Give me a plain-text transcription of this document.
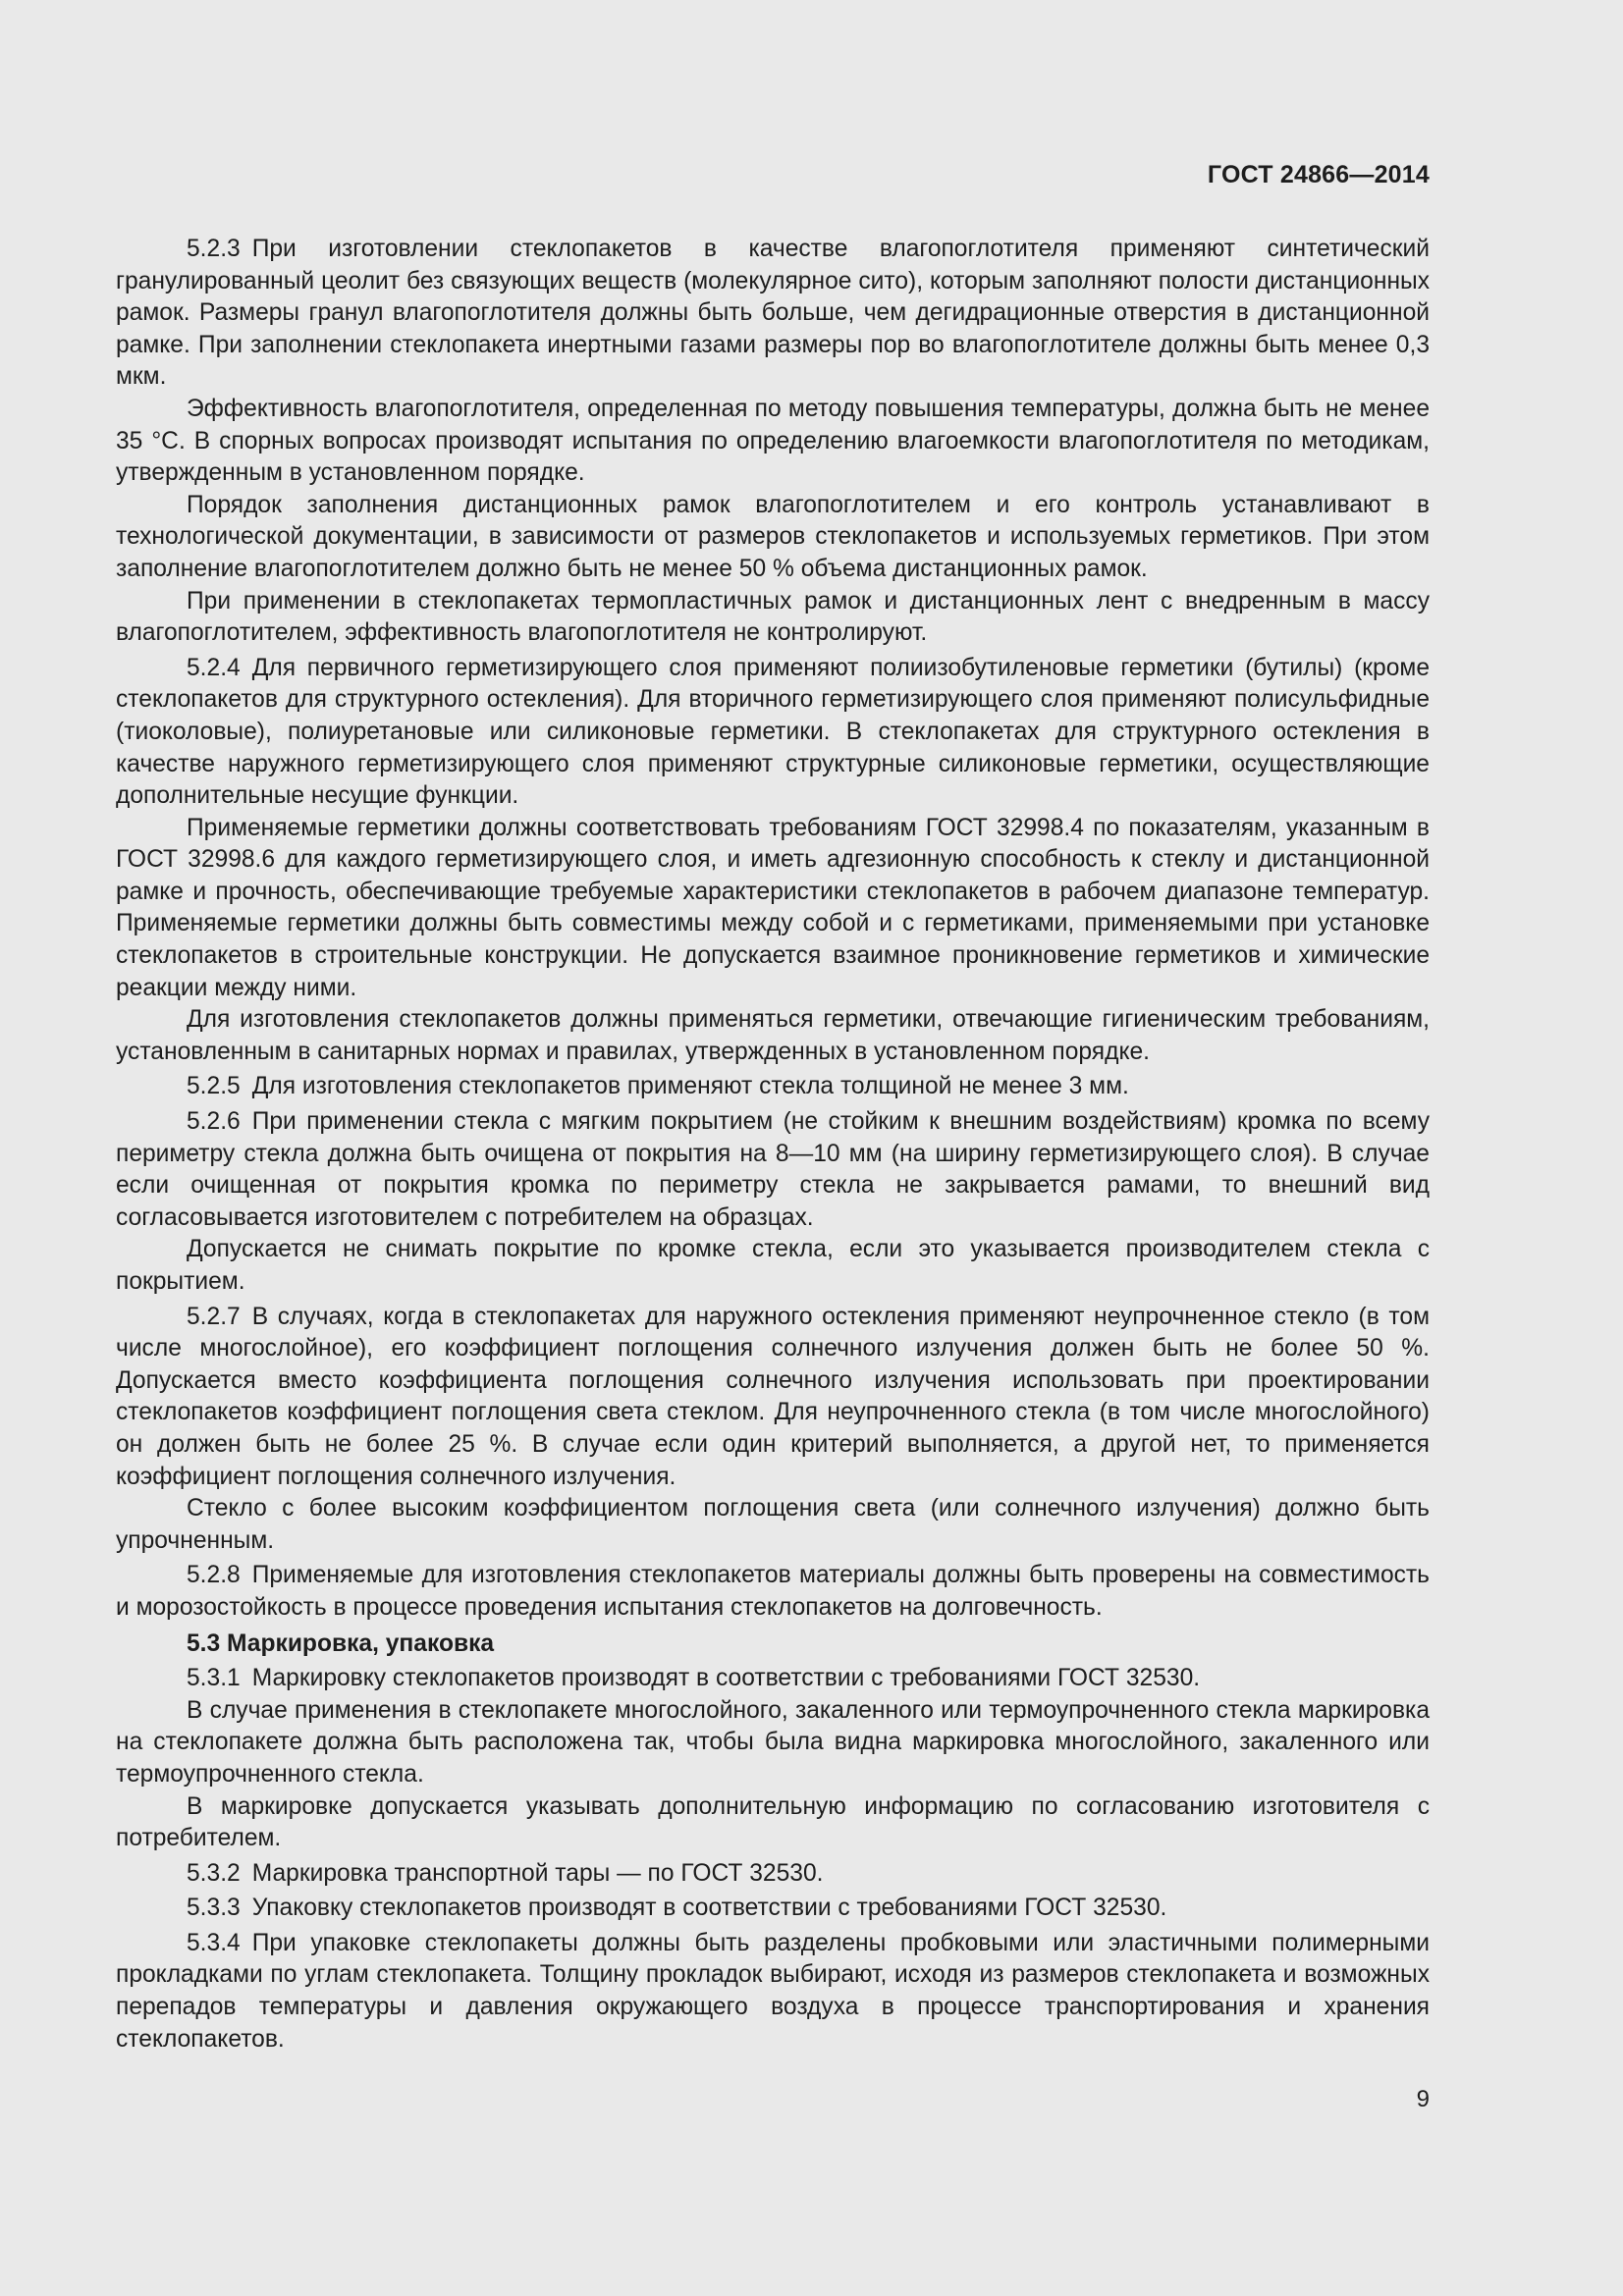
ГОСТ 24866—2014

5.2.3 При изготовлении стеклопакетов в качестве влагопоглотителя применяют синтетический гранулированный цеолит без связующих веществ (молекулярное сито), которым заполняют полости дистанционных рамок. Размеры гранул влагопоглотителя должны быть больше, чем дегидрационные отверстия в дистанционной рамке. При заполнении стеклопакета инертными газами размеры пор во влагопоглотителе должны быть менее 0,3 мкм.

Эффективность влагопоглотителя, определенная по методу повышения температуры, должна быть не менее 35 °С. В спорных вопросах производят испытания по определению влагоемкости влагопоглотителя по методикам, утвержденным в установленном порядке.

Порядок заполнения дистанционных рамок влагопоглотителем и его контроль устанавливают в технологической документации, в зависимости от размеров стеклопакетов и используемых герметиков. При этом заполнение влагопоглотителем должно быть не менее 50 % объема дистанционных рамок.

При применении в стеклопакетах термопластичных рамок и дистанционных лент с внедренным в массу влагопоглотителем, эффективность влагопоглотителя не контролируют.

5.2.4 Для первичного герметизирующего слоя применяют полиизобутиленовые герметики (бутилы) (кроме стеклопакетов для структурного остекления). Для вторичного герметизирующего слоя применяют полисульфидные (тиоколовые), полиуретановые или силиконовые герметики. В стеклопакетах для структурного остекления в качестве наружного герметизирующего слоя применяют структурные силиконовые герметики, осуществляющие дополнительные несущие функции.

Применяемые герметики должны соответствовать требованиям ГОСТ 32998.4 по показателям, указанным в ГОСТ 32998.6 для каждого герметизирующего слоя, и иметь адгезионную способность к стеклу и дистанционной рамке и прочность, обеспечивающие требуемые характеристики стеклопакетов в рабочем диапазоне температур. Применяемые герметики должны быть совместимы между собой и с герметиками, применяемыми при установке стеклопакетов в строительные конструкции. Не допускается взаимное проникновение герметиков и химические реакции между ними.

Для изготовления стеклопакетов должны применяться герметики, отвечающие гигиеническим требованиям, установленным в санитарных нормах и правилах, утвержденных в установленном порядке.

5.2.5 Для изготовления стеклопакетов применяют стекла толщиной не менее 3 мм.

5.2.6 При применении стекла с мягким покрытием (не стойким к внешним воздействиям) кромка по всему периметру стекла должна быть очищена от покрытия на 8—10 мм (на ширину герметизирующего слоя). В случае если очищенная от покрытия кромка по периметру стекла не закрывается рамами, то внешний вид согласовывается изготовителем с потребителем на образцах.

Допускается не снимать покрытие по кромке стекла, если это указывается производителем стекла с покрытием.

5.2.7 В случаях, когда в стеклопакетах для наружного остекления применяют неупрочненное стекло (в том числе многослойное), его коэффициент поглощения солнечного излучения должен быть не более 50 %. Допускается вместо коэффициента поглощения солнечного излучения использовать при проектировании стеклопакетов коэффициент поглощения света стеклом. Для неупрочненного стекла (в том числе многослойного) он должен быть не более 25 %. В случае если один критерий выполняется, а другой нет, то применяется коэффициент поглощения солнечного излучения.

Стекло с более высоким коэффициентом поглощения света (или солнечного излучения) должно быть упрочненным.

5.2.8 Применяемые для изготовления стеклопакетов материалы должны быть проверены на совместимость и морозостойкость в процессе проведения испытания стеклопакетов на долговечность.

5.3 Маркировка, упаковка

5.3.1 Маркировку стеклопакетов производят в соответствии с требованиями ГОСТ 32530.

В случае применения в стеклопакете многослойного, закаленного или термоупрочненного стекла маркировка на стеклопакете должна быть расположена так, чтобы была видна маркировка многослойного, закаленного или термоупрочненного стекла.

В маркировке допускается указывать дополнительную информацию по согласованию изготовителя с потребителем.

5.3.2 Маркировка транспортной тары — по ГОСТ 32530.

5.3.3 Упаковку стеклопакетов производят в соответствии с требованиями ГОСТ 32530.

5.3.4 При упаковке стеклопакеты должны быть разделены пробковыми или эластичными полимерными прокладками по углам стеклопакета. Толщину прокладок выбирают, исходя из размеров стеклопакета и возможных перепадов температуры и давления окружающего воздуха в процессе транспортирования и хранения стеклопакетов.

9
